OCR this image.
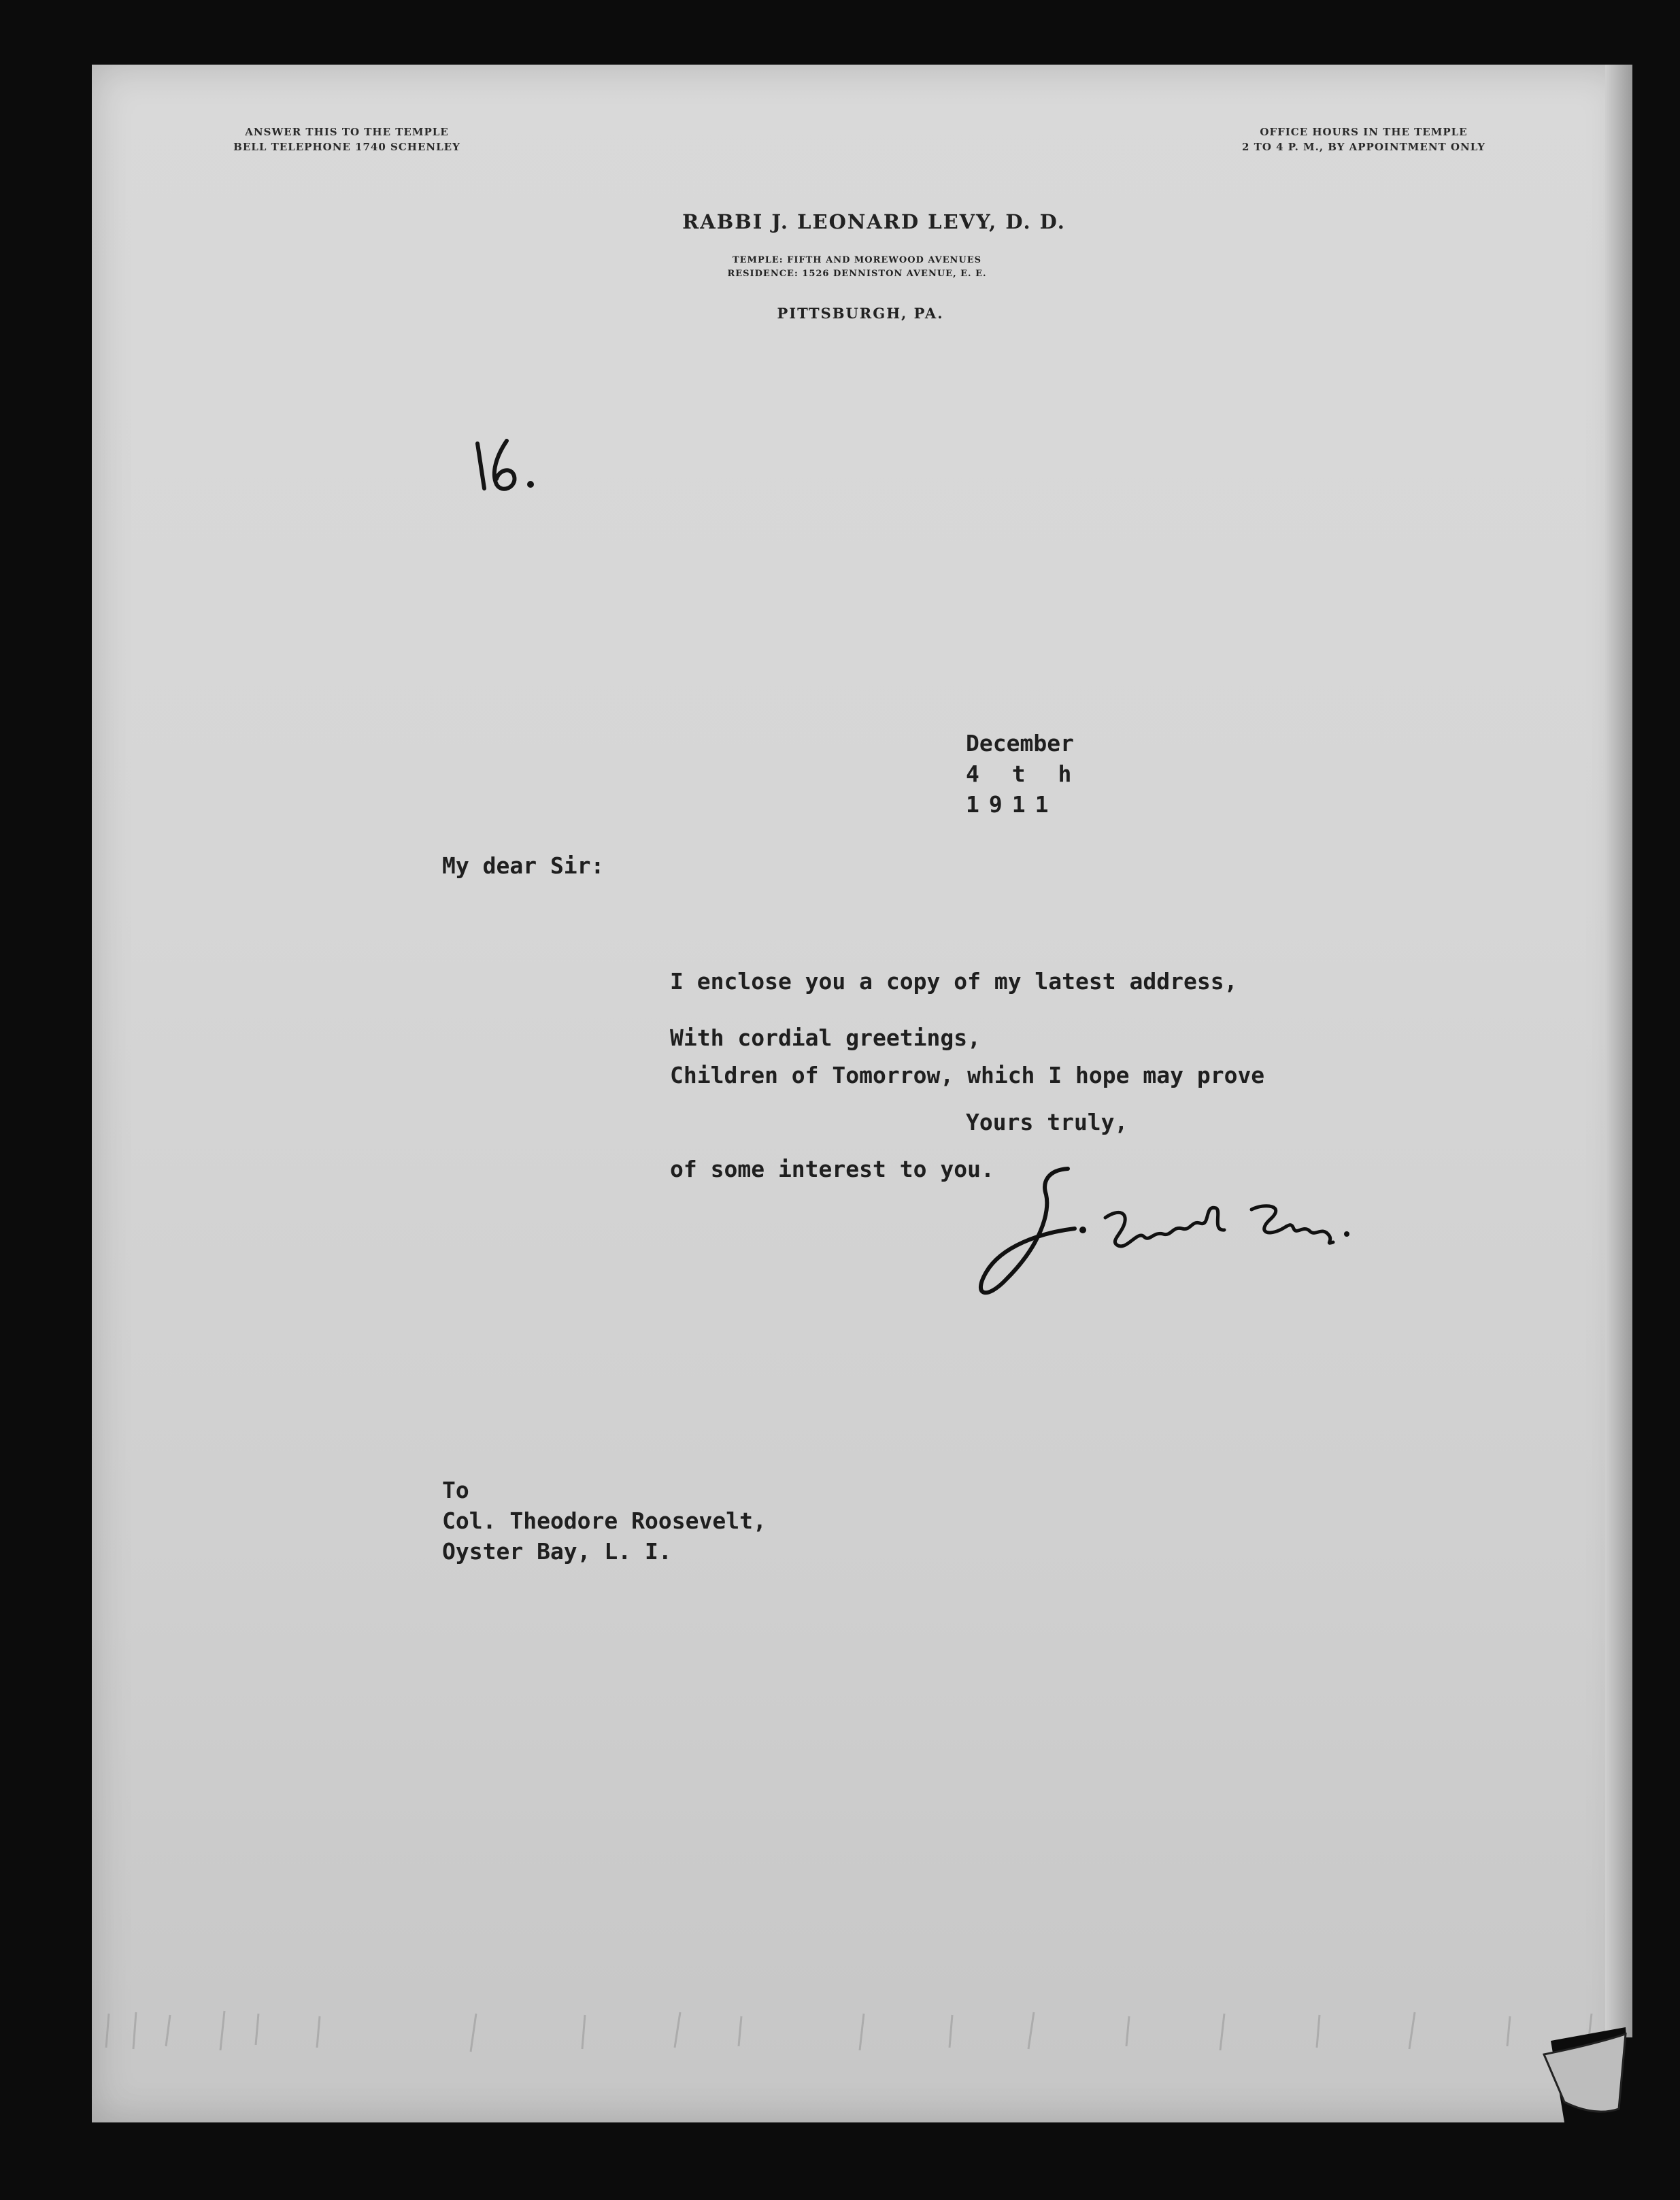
ANSWER THIS TO THE TEMPLE
BELL TELEPHONE 1740 SCHENLEY
OFFICE HOURS IN THE TEMPLE
2 TO 4 P. M., BY APPOINTMENT ONLY
RABBI J. LEONARD LEVY, D. D.
TEMPLE: FIFTH AND MOREWOOD AVENUES
RESIDENCE: 1526 DENNISTON AVENUE, E. E.
PITTSBURGH, PA.
December
4 t h
1911
My dear Sir:

I enclose you a copy of my latest address,

Children of Tomorrow, which I hope may prove

of some interest to you.

With cordial greetings,
Yours truly,
To
Col. Theodore Roosevelt,
Oyster Bay, L. I.
